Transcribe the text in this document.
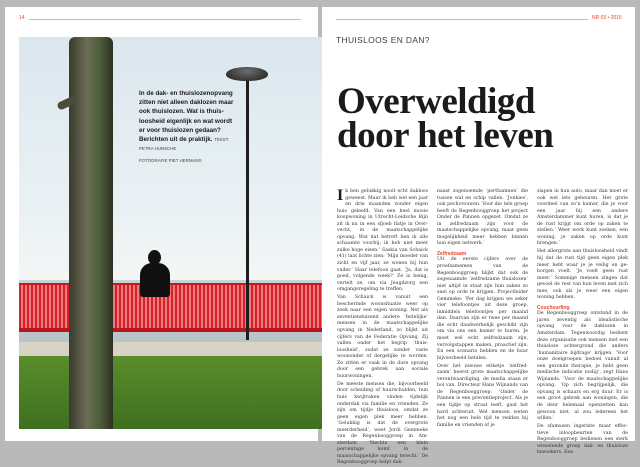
14
In de dak- en thuislozenopvang zitten niet alleen daklozen maar ook thuislozen. Wat is thuisloosheid eigenlijk en wat wordt er voor thuislozen gedaan? Berichten uit de praktijk. TEKST PETRA HUNSCHE
FOTOGRAFIE PIET HERMANS
NR 03 • 2016
THUISLOOS EN DAN?
Overweldigd
door het leven
I k ben gelukkig nooit echt dakloos geweest. Maar ik heb wel een jaar en drie maanden zonder eigen huis geleefd. Van een heel mooie koopwoning in Utrecht-Leidsche Rijn zit ik nu in een sfjoeb flatje in Overvecht, in de maatschappelijke opvang. Wat dat betreft ben ik alle schaamte voorbij; ik heb niet meer zulke hoge eisen.’ Saskia van Schaick (41) laat lichte zien: ‘Mijn moeder van zicht en vijf jaar, ze wonen bij hun vader.’ Haar telefoon gaat. ‘Ja, dat is goed, volgende week?’ Ze is benig, vertelt ze, om via Jeugdzorg een omgangsregeling te treffen.

Van Schaick is vanuit een beschermde woonsituatie weer op zoek naar een eigen woning. Net als zeventienduizend andere ‘feitelijke’ mensen in de maatschappelijke opvang in Nederland, zo blijkt uit cijfers van de Federatie Opvang. Zij vallen onder het begrip ‘thuisloosheid’, zodat ze zonder vaste woononder of dergelijke te worden. Ze zitten er vaak in de dure opvang door een gebrek aan sociale huurwoningen.

De meeste mensen die, bijvoorbeeld door scheiding of huurschulden, hun huis kwijtraken vinden tijdelijk onderdak via familie en vrienden. Ze zijn om tijdje thuisloos, omdat ze geen eigen plek meer hebben. ‘Gelukkig is dat de overgrote meerderheid’, weet Jordi Gemmeke van de Regenbooggroep in Amsterdam. ‘Slechts een klein percentage komt in de maatschappelijke opvang terecht.’ De Regenbooggroep helpt dak-

naast zogenoemde ‘perthamnen’ die tussen wal en schip vallen. ‘Jonkies’, ook pechvrouwen. Voor die tele groep heeft de Regenbooggroep het project Onder de Pannen opgezet. Omdat ze in zelfredzaam zijn voor de maatschappelijke opvang, maar geen mogelijkheid meer hebben binnen hun eigen netwerk.’

Zelfredzaam

Uit de eerste cijfers over de proefsamemen van de Regenbooggroep blijkt dat ook de zogenaamde ‘zelfredzame thuislozen’ niet altijd in staat zijn hun zaken zo snel op orde te krijgen. Projectleider Gemmeke: ‘Per dag krijgen we zeker vier telefoontjes uit deze groep, inmiddels telefoontjes per maand dan. Daarvan zijn er twee per maand die echt daadwerkelijk geschikt zijn om via ons een kamer te huren. Je moet wel echt zelfredzaam zijn, vervolgstappen maken, proactief zijn. En een scenario hebben en de huur bijvoorbeeld betalen.

Over het nieuwe etiketje ‘zelfredzaam’ heerst grote maatschappelijke verontwaardiging, de media staan er bol van. Directeur Hans Wijnands van de Regenbooggroep: ‘Onder de Pannen is een preventieproject. Als je een tijdje op straat leeft, gaat het hard achteruit. Wel mensen weten het nog een hele tijd te redden bij familie en vrienden of je

slapen in hun auto, maar dan moet er ook wel iets gebeuren. Het grote voordeel van zo’n kamer, die je voor een jaar bij een andere Amsterdammer kunt huren, is dat je de rust krijgt om orde op zaken te stellen.’ Weer werk kunt zoeken, een woning, je zaken op orde kunt brengen.’

Het allergrote aan thuisloosheid vindt hij dat de rust tijd geen eigen plek meer hebt waar je je veilig en geborgen voelt. ‘Je voelt geen rust meer.’ Sommige mensen zingen dat gevoel de rest van hun leven met zich mee, ook als je weer een eigen woning hebben.

Couchsurfing

De Regenbooggroep ontstond in de jaren zeventig als idealistische opvang voor de daklozen in Amsterdam. Tegenwoordig bedient deze organisatie ook mensen met een thuisloze achtergrond die anders ‘humanitaire bijdrage’ krijgen. ‘Voor onze doelgroepen bedoel vanuit al een gezonde therapie, je hebt geen medische indicatie nodig’, zegt Hans Wijnands. ‘Voor de maatschappelijke opvang. ‘Op zich begrijpelijk, die opvang is schaars en erg duur. Er is een groot gebrek aan woningen, die de deur helemaal openzetten kan gewoon niet, al zou iedereen het willen.’

De sfamusen ingeriste maar effectieve inloopbeurten van de Regenbooggroep bedienen een sterk wisselende groep dak- en thuisloze bezoekers. Een
